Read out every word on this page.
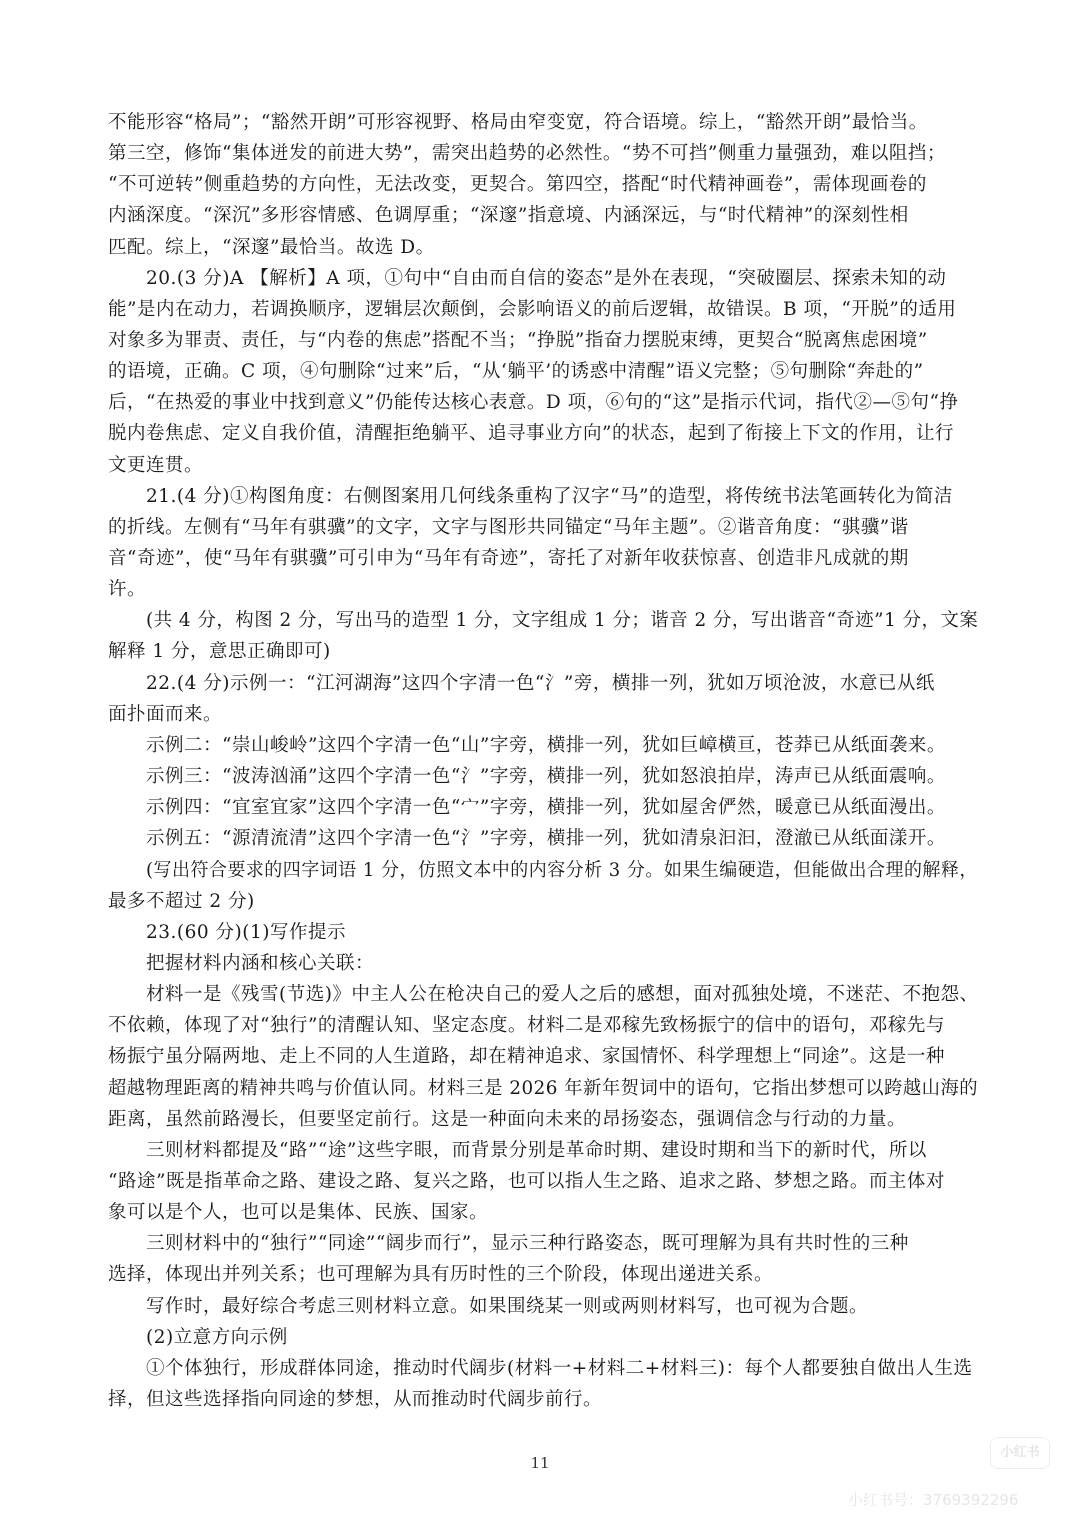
不能形容“格局”；“豁然开朗”可形容视野、格局由窄变宽，符合语境。综上，“豁然开朗”最恰当。
第三空，修饰“集体迸发的前进大势”，需突出趋势的必然性。“势不可挡”侧重力量强劲，难以阻挡；
“不可逆转”侧重趋势的方向性，无法改变，更契合。第四空，搭配“时代精神画卷”，需体现画卷的
内涵深度。“深沉”多形容情感、色调厚重；“深邃”指意境、内涵深远，与“时代精神”的深刻性相
匹配。综上，“深邃”最恰当。故选 D。
20.(3 分)A 【解析】A 项，①句中“自由而自信的姿态”是外在表现，“突破圈层、探索未知的动
能”是内在动力，若调换顺序，逻辑层次颠倒，会影响语义的前后逻辑，故错误。B 项，“开脱”的适用
对象多为罪责、责任，与“内卷的焦虑”搭配不当；“挣脱”指奋力摆脱束缚，更契合“脱离焦虑困境”
的语境，正确。C 项，④句删除“过来”后，“从‘躺平’的诱惑中清醒”语义完整；⑤句删除“奔赴的”
后，“在热爱的事业中找到意义”仍能传达核心表意。D 项，⑥句的“这”是指示代词，指代②—⑤句“挣
脱内卷焦虑、定义自我价值，清醒拒绝躺平、追寻事业方向”的状态，起到了衔接上下文的作用，让行
文更连贯。
21.(4 分)①构图角度：右侧图案用几何线条重构了汉字“马”的造型，将传统书法笔画转化为简洁
的折线。左侧有“马年有骐骥”的文字，文字与图形共同锚定“马年主题”。②谐音角度：“骐骥”谐
音“奇迹”，使“马年有骐骥”可引申为“马年有奇迹”，寄托了对新年收获惊喜、创造非凡成就的期
许。
(共 4 分，构图 2 分，写出马的造型 1 分，文字组成 1 分；谐音 2 分，写出谐音“奇迹”1 分，文案
解释 1 分，意思正确即可)
22.(4 分)示例一：“江河湖海”这四个字清一色“氵”旁，横排一列，犹如万顷沧波，水意已从纸
面扑面而来。
示例二：“崇山峻岭”这四个字清一色“山”字旁，横排一列，犹如巨嶂横亘，苍莽已从纸面袭来。
示例三：“波涛汹涌”这四个字清一色“氵”字旁，横排一列，犹如怒浪拍岸，涛声已从纸面震响。
示例四：“宜室宜家”这四个字清一色“宀”字旁，横排一列，犹如屋舍俨然，暖意已从纸面漫出。
示例五：“源清流清”这四个字清一色“氵”字旁，横排一列，犹如清泉汩汩，澄澈已从纸面漾开。
(写出符合要求的四字词语 1 分，仿照文本中的内容分析 3 分。如果生编硬造，但能做出合理的解释，
最多不超过 2 分)
23.(60 分)(1)写作提示
把握材料内涵和核心关联：
材料一是《残雪(节选)》中主人公在枪决自己的爱人之后的感想，面对孤独处境，不迷茫、不抱怨、
不依赖，体现了对“独行”的清醒认知、坚定态度。材料二是邓稼先致杨振宁的信中的语句，邓稼先与
杨振宁虽分隔两地、走上不同的人生道路，却在精神追求、家国情怀、科学理想上“同途”。这是一种
超越物理距离的精神共鸣与价值认同。材料三是 2026 年新年贺词中的语句，它指出梦想可以跨越山海的
距离，虽然前路漫长，但要坚定前行。这是一种面向未来的昂扬姿态，强调信念与行动的力量。
三则材料都提及“路”“途”这些字眼，而背景分别是革命时期、建设时期和当下的新时代，所以
“路途”既是指革命之路、建设之路、复兴之路，也可以指人生之路、追求之路、梦想之路。而主体对
象可以是个人，也可以是集体、民族、国家。
三则材料中的“独行”“同途”“阔步而行”，显示三种行路姿态，既可理解为具有共时性的三种
选择，体现出并列关系；也可理解为具有历时性的三个阶段，体现出递进关系。
写作时，最好综合考虑三则材料立意。如果围绕某一则或两则材料写，也可视为合题。
(2)立意方向示例
①个体独行，形成群体同途，推动时代阔步(材料一+材料二+材料三)：每个人都要独自做出人生选
择，但这些选择指向同途的梦想，从而推动时代阔步前行。
11
小红书
小红书号：3769392296
